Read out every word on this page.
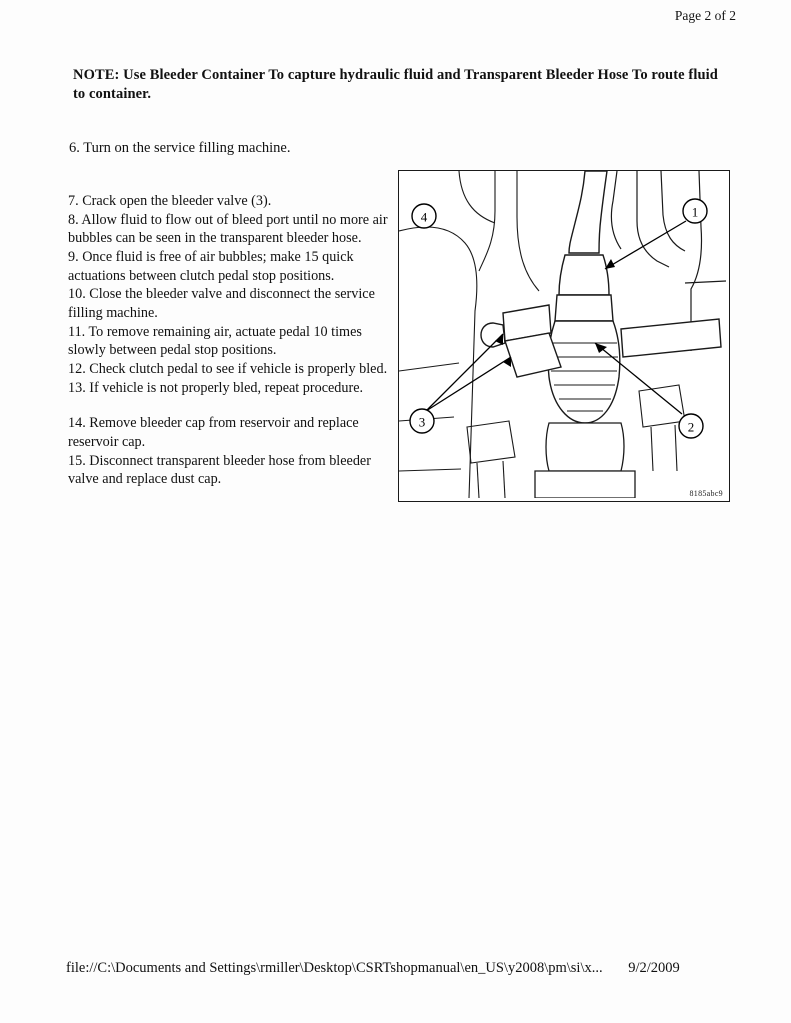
Page 2 of 2
NOTE: Use Bleeder Container To capture hydraulic fluid and Transparent Bleeder Hose To route fluid to container.
6. Turn on the service filling machine.

7. Crack open the bleeder valve (3).

8. Allow fluid to flow out of bleed port until no more air bubbles can be seen in the transparent bleeder hose.

9. Once fluid is free of air bubbles; make 15 quick actuations between clutch pedal stop positions.

10. Close the bleeder valve and disconnect the service filling machine.

11. To remove remaining air, actuate pedal 10 times slowly between pedal stop positions.

12. Check clutch pedal to see if vehicle is properly bled.

13. If vehicle is not properly bled, repeat procedure.

14. Remove bleeder cap from reservoir and replace reservoir cap.

15. Disconnect transparent bleeder hose from bleeder valve and replace dust cap.

1
2
3
4
8185abc9
file://C:\Documents and Settings\rmiller\Desktop\CSRTshopmanual\en_US\y2008\pm\si\x... 9/2/2009
